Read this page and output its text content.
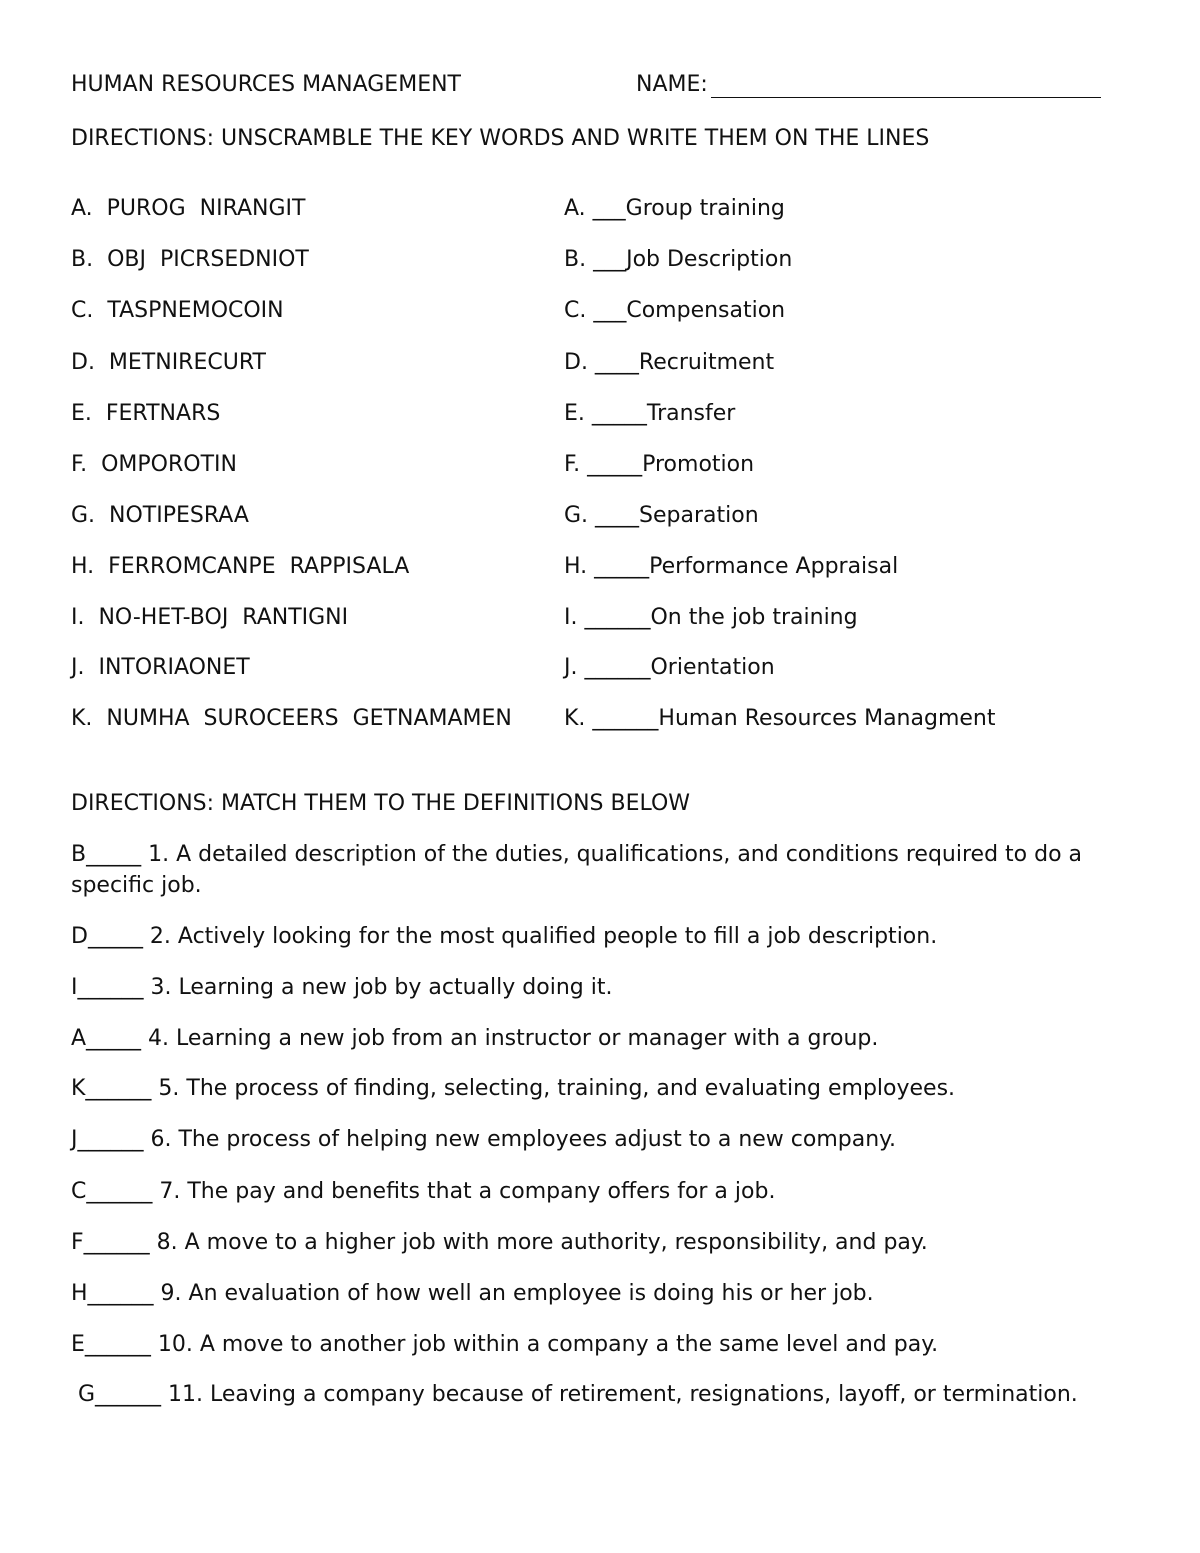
HUMAN RESOURCES MANAGEMENT	NAME:
DIRECTIONS: UNSCRAMBLE THE KEY WORDS AND WRITE THEM ON THE LINES
A.  PUROG  NIRANGIT
B.  OBJ  PICRSEDNIOT
C.  TASPNEMOCOIN
D.  METNIRECURT
E.  FERTNARS
F.  OMPOROTIN
G.  NOTIPESRAA
H.  FERROMCANPE  RAPPISALA
I.  NO-HET-BOJ  RANTIGNI
J.  INTORIAONET
K.  NUMHA  SUROCEERS  GETNAMAMEN
A. ___Group training
B. ___Job Description
C. ___Compensation
D. ____Recruitment
E. _____Transfer
F. _____Promotion
G. ____Separation
H. _____Performance Appraisal
I. ______On the job training
J. ______Orientation
K. ______Human Resources Managment
DIRECTIONS: MATCH THEM TO THE DEFINITIONS BELOW
B_____ 1. A detailed description of the duties, qualifications, and conditions required to do a specific job.
D_____ 2. Actively looking for the most qualified people to fill a job description.
I______ 3. Learning a new job by actually doing it.
A_____ 4. Learning a new job from an instructor or manager with a group.
K______ 5. The process of finding, selecting, training, and evaluating employees.
J______ 6. The process of helping new employees adjust to a new company.
C______ 7. The pay and benefits that a company offers for a job.
F______ 8. A move to a higher job with more authority, responsibility, and pay.
H______ 9. An evaluation of how well an employee is doing his or her job.
E______ 10. A move to another job within a company a the same level and pay.
G______ 11. Leaving a company because of retirement, resignations, layoff, or termination.
